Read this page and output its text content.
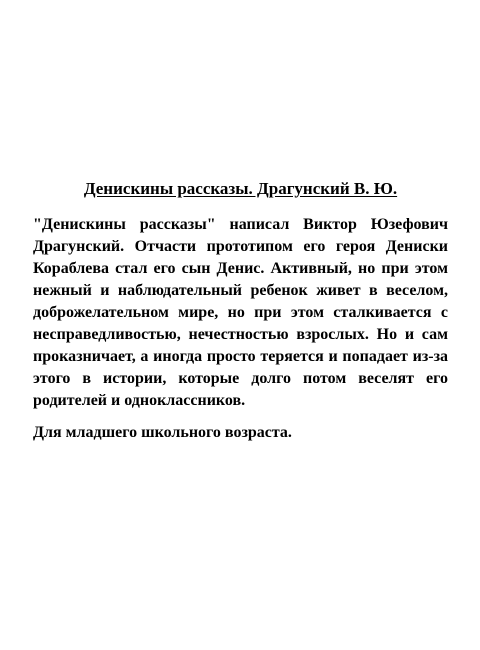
Денискины рассказы. Драгунский В. Ю.

"Денискины рассказы" написал Виктор Юзефович Драгунский. Отчасти прототипом его героя Дениски Кораблева стал его сын Денис. Активный, но при этом нежный и наблюдательный ребенок живет в веселом, доброжелательном мире, но при этом сталкивается с несправедливостью, нечестностью взрослых. Но и сам проказничает, а иногда просто теряется и попадает из-за этого в истории, которые долго потом веселят его родителей и одноклассников.

Для младшего школьного возраста.
